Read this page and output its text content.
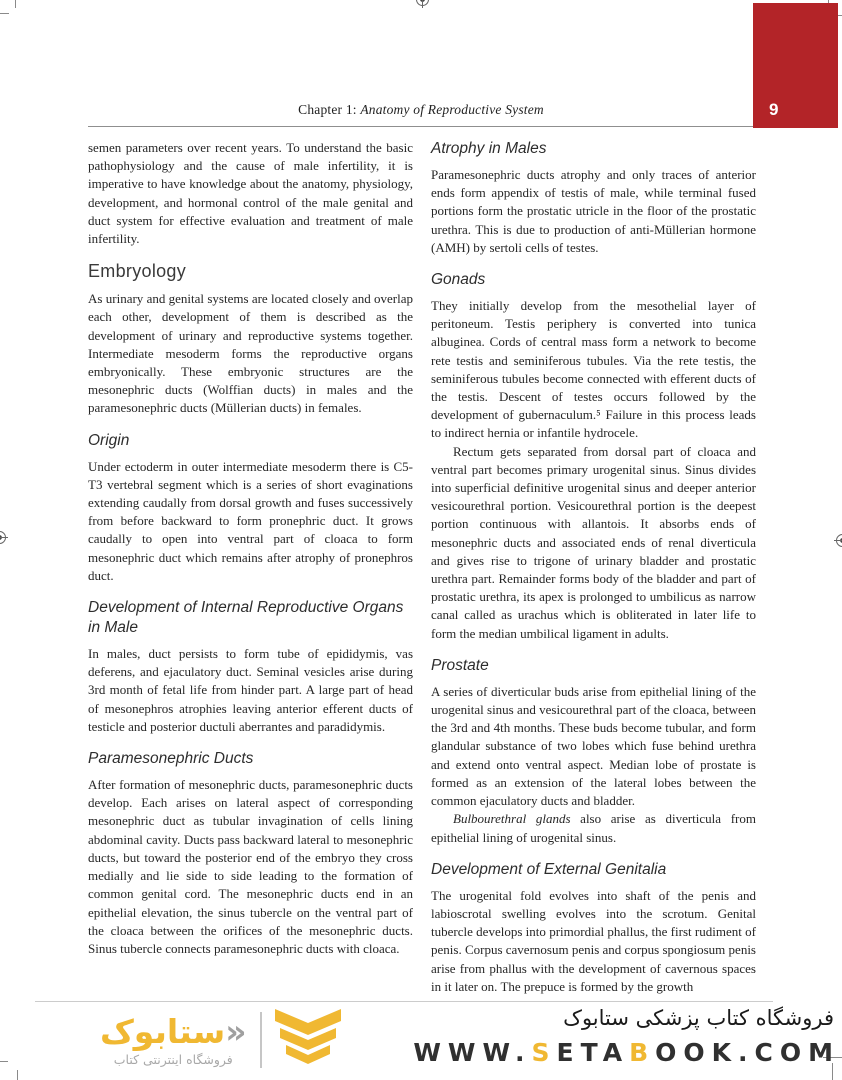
Chapter 1: Anatomy of Reproductive System	9

semen parameters over recent years. To understand the basic pathophysiology and the cause of male infertility, it is imperative to have knowledge about the anatomy, physiology, development, and hormonal control of the male genital and duct system for effective evaluation and treatment of male infertility.

Embryology

As urinary and genital systems are located closely and overlap each other, development of them is described as the development of urinary and reproductive systems together. Intermediate mesoderm forms the reproductive organs embryonically. These embryonic structures are the mesonephric ducts (Wolffian ducts) in males and the paramesonephric ducts (Müllerian ducts) in females.

Origin

Under ectoderm in outer intermediate mesoderm there is C5-T3 vertebral segment which is a series of short evaginations extending caudally from dorsal growth and fuses successively from before backward to form pronephric duct. It grows caudally to open into ventral part of cloaca to form mesonephric duct which remains after atrophy of pronephros duct.

Development of Internal Reproductive Organs in Male

In males, duct persists to form tube of epididymis, vas deferens, and ejaculatory duct. Seminal vesicles arise during 3rd month of fetal life from hinder part. A large part of head of mesonephros atrophies leaving anterior efferent ducts of testicle and posterior ductuli aberrantes and paradidymis.

Paramesonephric Ducts

After formation of mesonephric ducts, paramesonephric ducts develop. Each arises on lateral aspect of corresponding mesonephric duct as tubular invagination of cells lining abdominal cavity. Ducts pass backward lateral to mesonephric ducts, but toward the posterior end of the embryo they cross medially and lie side to side leading to the formation of common genital cord. The mesonephric ducts end in an epithelial elevation, the sinus tubercle on the ventral part of the cloaca between the orifices of the mesonephric ducts. Sinus tubercle connects paramesonephric ducts with cloaca.

Atrophy in Males

Paramesonephric ducts atrophy and only traces of anterior ends form appendix of testis of male, while terminal fused portions form the prostatic utricle in the floor of the prostatic urethra. This is due to production of anti-Müllerian hormone (AMH) by sertoli cells of testes.

Gonads

They initially develop from the mesothelial layer of peritoneum. Testis periphery is converted into tunica albuginea. Cords of central mass form a network to become rete testis and seminiferous tubules. Via the rete testis, the seminiferous tubules become connected with efferent ducts of the testis. Descent of testes occurs followed by the development of gubernaculum.⁵ Failure in this process leads to indirect hernia or infantile hydrocele.

Rectum gets separated from dorsal part of cloaca and ventral part becomes primary urogenital sinus. Sinus divides into superficial definitive urogenital sinus and deeper anterior vesicourethral portion. Vesicourethral portion is the deepest portion continuous with allantois. It absorbs ends of mesonephric ducts and associated ends of renal diverticula and gives rise to trigone of urinary bladder and prostatic urethra part. Remainder forms body of the bladder and part of prostatic urethra, its apex is prolonged to umbilicus as narrow canal called as urachus which is obliterated in later life to form the median umbilical ligament in adults.

Prostate

A series of diverticular buds arise from epithelial lining of the urogenital sinus and vesicourethral part of the cloaca, between the 3rd and 4th months. These buds become tubular, and form glandular substance of two lobes which fuse behind urethra and extend onto ventral aspect. Median lobe of prostate is formed as an extension of the lateral lobes between the common ejaculatory ducts and bladder.

Bulbourethral glands also arise as diverticula from epithelial lining of urogenital sinus.

Development of External Genitalia

The urogenital fold evolves into shaft of the penis and labioscrotal swelling evolves into the scrotum. Genital tubercle develops into primordial phallus, the first rudiment of penis. Corpus cavernosum penis and corpus spongiosum penis arise from phallus with the development of cavernous spaces in it later on. The prepuce is formed by the growth

«ستابوک
فروشگاه اینترنتی کتاب
فروشگاه کتاب پزشکی ستابوک
WWW.SETABOOK.COM
